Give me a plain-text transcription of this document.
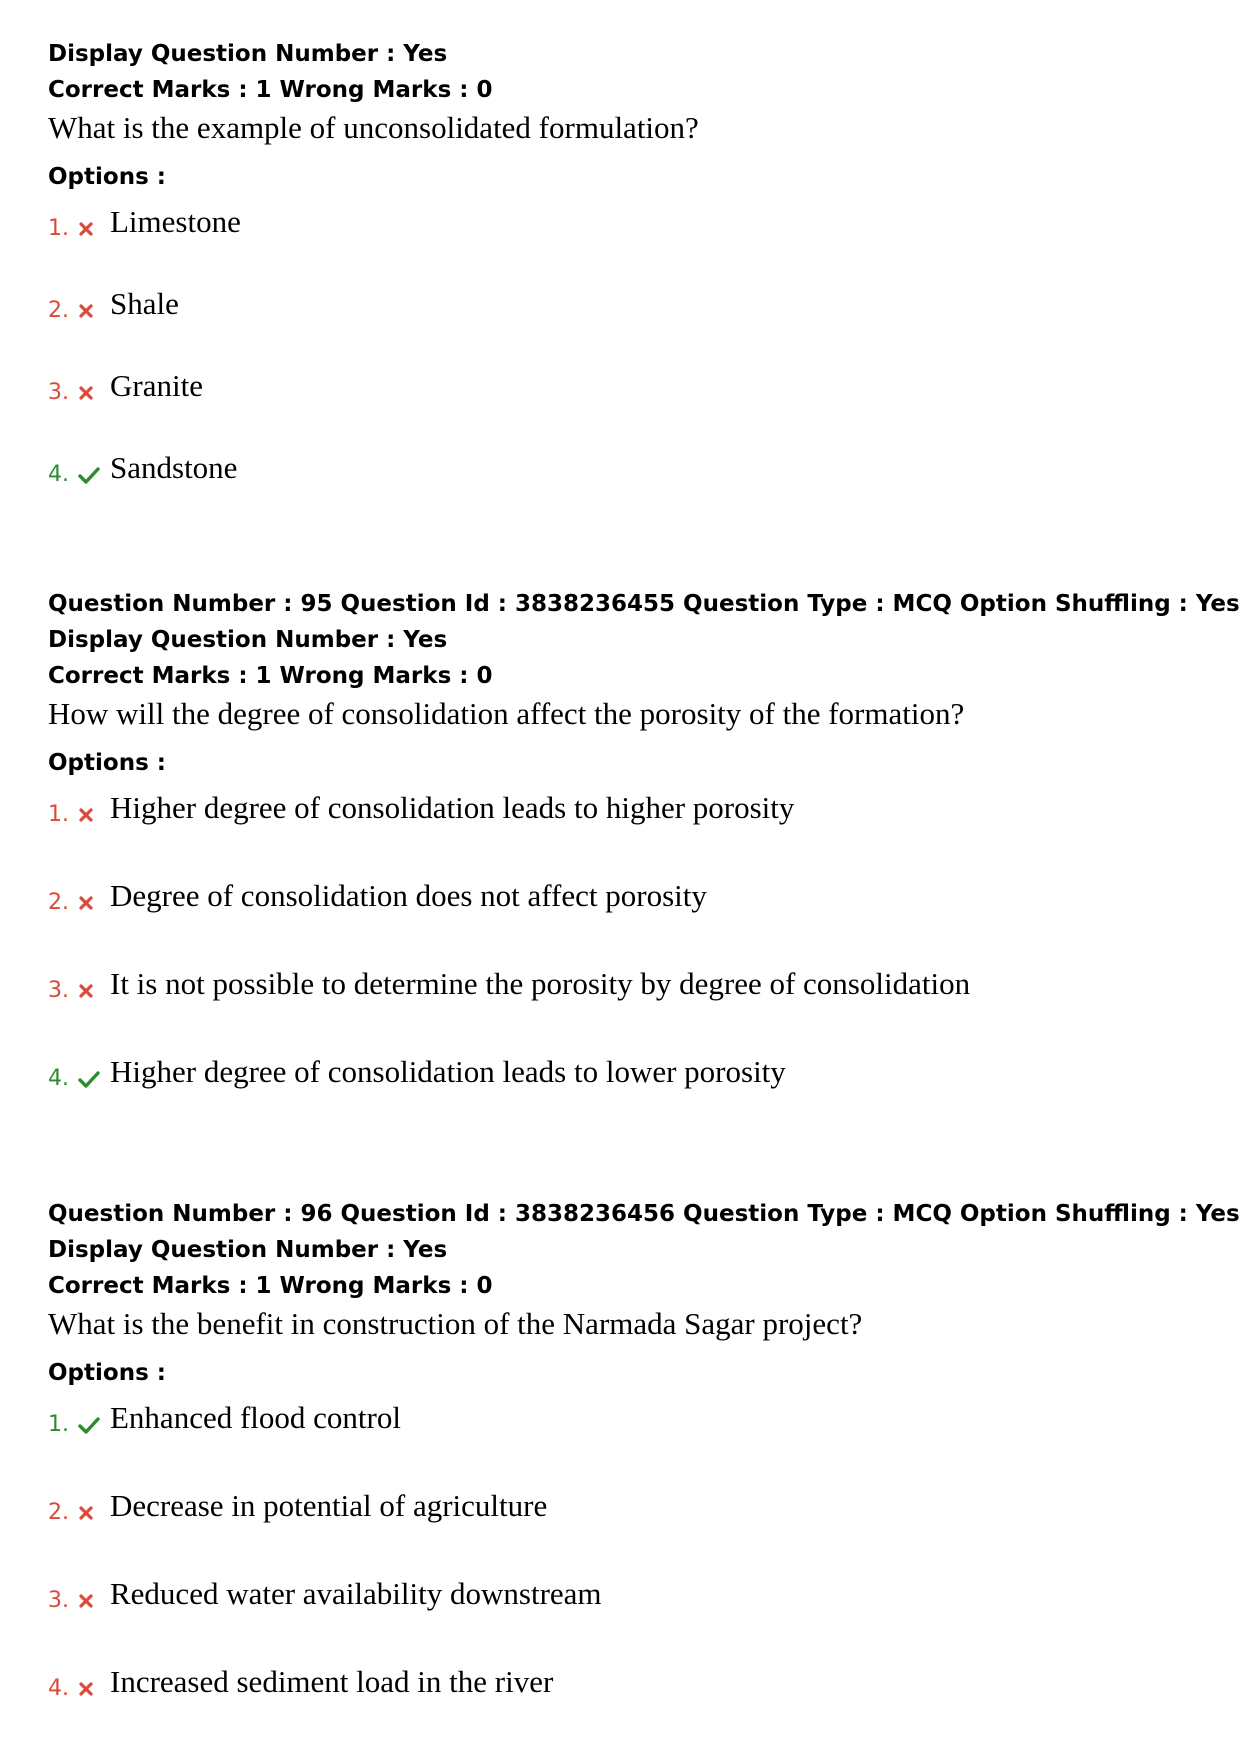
Display Question Number : Yes
Correct Marks : 1 Wrong Marks : 0
What is the example of unconsolidated formulation?
Options :
1. Limestone
2. Shale
3. Granite
4. Sandstone
Question Number : 95 Question Id : 3838236455 Question Type : MCQ Option Shuffling : Yes
Display Question Number : Yes
Correct Marks : 1 Wrong Marks : 0
How will the degree of consolidation affect the porosity of the formation?
Options :
1. Higher degree of consolidation leads to higher porosity
2. Degree of consolidation does not affect porosity
3. It is not possible to determine the porosity by degree of consolidation
4. Higher degree of consolidation leads to lower porosity
Question Number : 96 Question Id : 3838236456 Question Type : MCQ Option Shuffling : Yes
Display Question Number : Yes
Correct Marks : 1 Wrong Marks : 0
What is the benefit in construction of the Narmada Sagar project?
Options :
1. Enhanced flood control
2. Decrease in potential of agriculture
3. Reduced water availability downstream
4. Increased sediment load in the river
